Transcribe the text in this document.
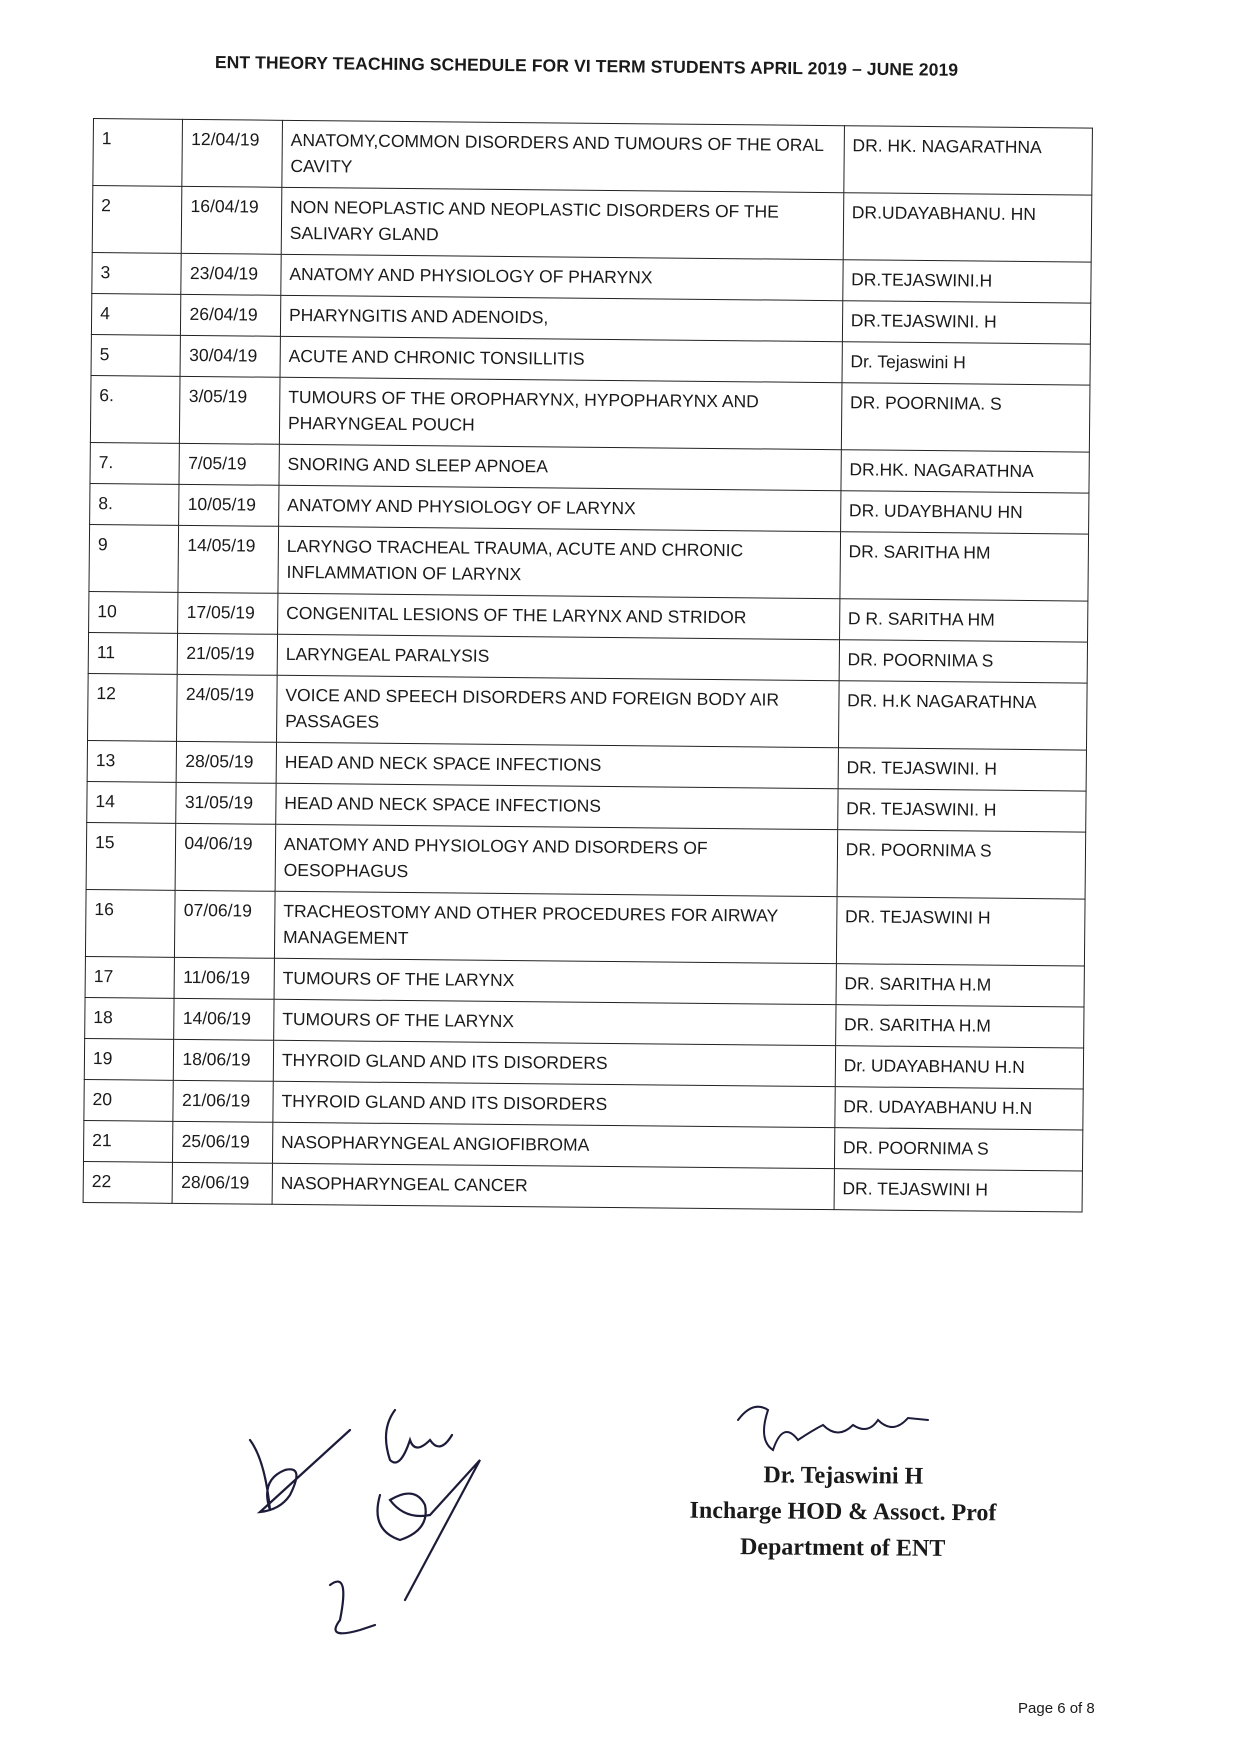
ENT THEORY TEACHING SCHEDULE FOR VI TERM STUDENTS APRIL 2019 – JUNE 2019
1	12/04/19	ANATOMY,COMMON DISORDERS AND TUMOURS OF THE ORAL CAVITY	DR. HK. NAGARATHNA
2	16/04/19	NON NEOPLASTIC AND NEOPLASTIC DISORDERS OF THE SALIVARY GLAND	DR.UDAYABHANU. HN
3	23/04/19	ANATOMY AND PHYSIOLOGY OF PHARYNX	DR.TEJASWINI.H
4	26/04/19	PHARYNGITIS AND ADENOIDS,	DR.TEJASWINI. H
5	30/04/19	ACUTE AND CHRONIC TONSILLITIS	Dr. Tejaswini H
6.	3/05/19	TUMOURS OF THE OROPHARYNX, HYPOPHARYNX AND PHARYNGEAL POUCH	DR. POORNIMA. S
7.	7/05/19	SNORING AND SLEEP APNOEA	DR.HK. NAGARATHNA
8.	10/05/19	ANATOMY AND PHYSIOLOGY OF LARYNX	DR. UDAYBHANU HN
9	14/05/19	LARYNGO TRACHEAL TRAUMA, ACUTE AND CHRONIC INFLAMMATION OF LARYNX	DR. SARITHA HM
10	17/05/19	CONGENITAL LESIONS OF THE LARYNX AND STRIDOR	D R. SARITHA HM
11	21/05/19	LARYNGEAL PARALYSIS	DR. POORNIMA S
12	24/05/19	VOICE AND SPEECH DISORDERS AND FOREIGN BODY AIR PASSAGES	DR. H.K NAGARATHNA
13	28/05/19	HEAD AND NECK SPACE INFECTIONS	DR. TEJASWINI. H
14	31/05/19	HEAD AND NECK SPACE INFECTIONS	DR. TEJASWINI. H
15	04/06/19	ANATOMY AND PHYSIOLOGY AND DISORDERS OF OESOPHAGUS	DR. POORNIMA S
16	07/06/19	TRACHEOSTOMY AND OTHER PROCEDURES FOR AIRWAY MANAGEMENT	DR. TEJASWINI H
17	11/06/19	TUMOURS OF THE LARYNX	DR. SARITHA H.M
18	14/06/19	TUMOURS OF THE LARYNX	DR. SARITHA H.M
19	18/06/19	THYROID GLAND AND ITS DISORDERS	Dr. UDAYABHANU H.N
20	21/06/19	THYROID GLAND AND ITS DISORDERS	DR. UDAYABHANU H.N
21	25/06/19	NASOPHARYNGEAL ANGIOFIBROMA	DR. POORNIMA S
22	28/06/19	NASOPHARYNGEAL CANCER	DR. TEJASWINI H
Dr. Tejaswini H
Incharge HOD & Assoct. Prof
Department of ENT
Page 6 of 8
